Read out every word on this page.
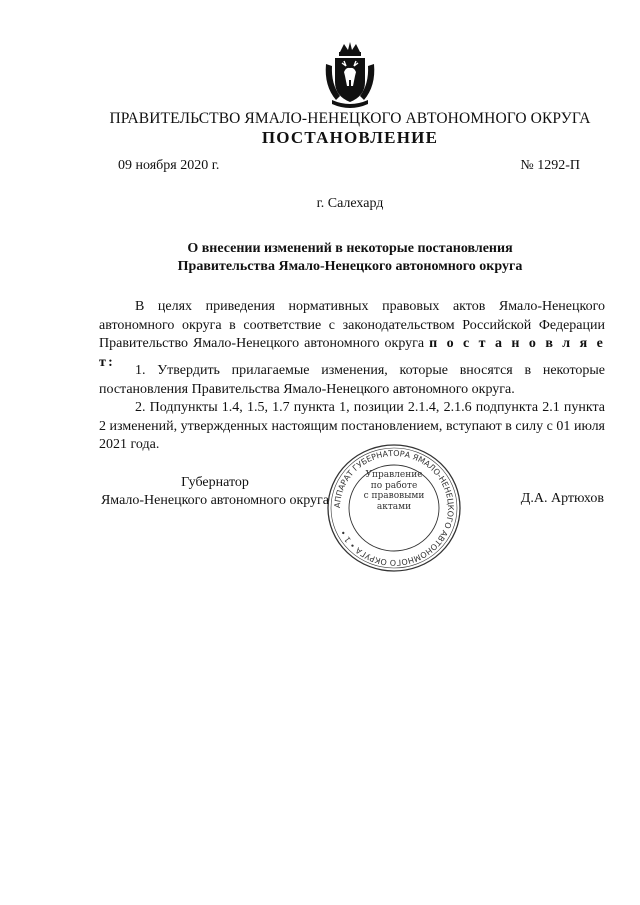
ПРАВИТЕЛЬСТВО ЯМАЛО-НЕНЕЦКОГО АВТОНОМНОГО ОКРУГА
ПОСТАНОВЛЕНИЕ
09 ноября 2020 г.	№ 1292-П
г. Салехард
О внесении изменений в некоторые постановления
Правительства Ямало-Ненецкого автономного округа

В целях приведения нормативных правовых актов Ямало-Ненецкого автономного округа в соответствие с законодательством Российской Федерации Правительство Ямало-Ненецкого автономного округа п о с т а н о в л я е т:

1. Утвердить прилагаемые изменения, которые вносятся в некоторые постановления Правительства Ямало-Ненецкого автономного округа.

2. Подпункты 1.4, 1.5, 1.7 пункта 1, позиции 2.1.4, 2.1.6 подпункта 2.1 пункта 2 изменений, утвержденных настоящим постановлением, вступают в силу с 01 июля 2021 года.

АППАРАТ ГУБЕРНАТОРА ЯМАЛО-НЕНЕЦКОГО АВТОНОМНОГО ОКРУГА • 1 •
Управление
по работе
с правовыми
актами
Губернатор
Ямало-Ненецкого автономного округа	Д.А. Артюхов
